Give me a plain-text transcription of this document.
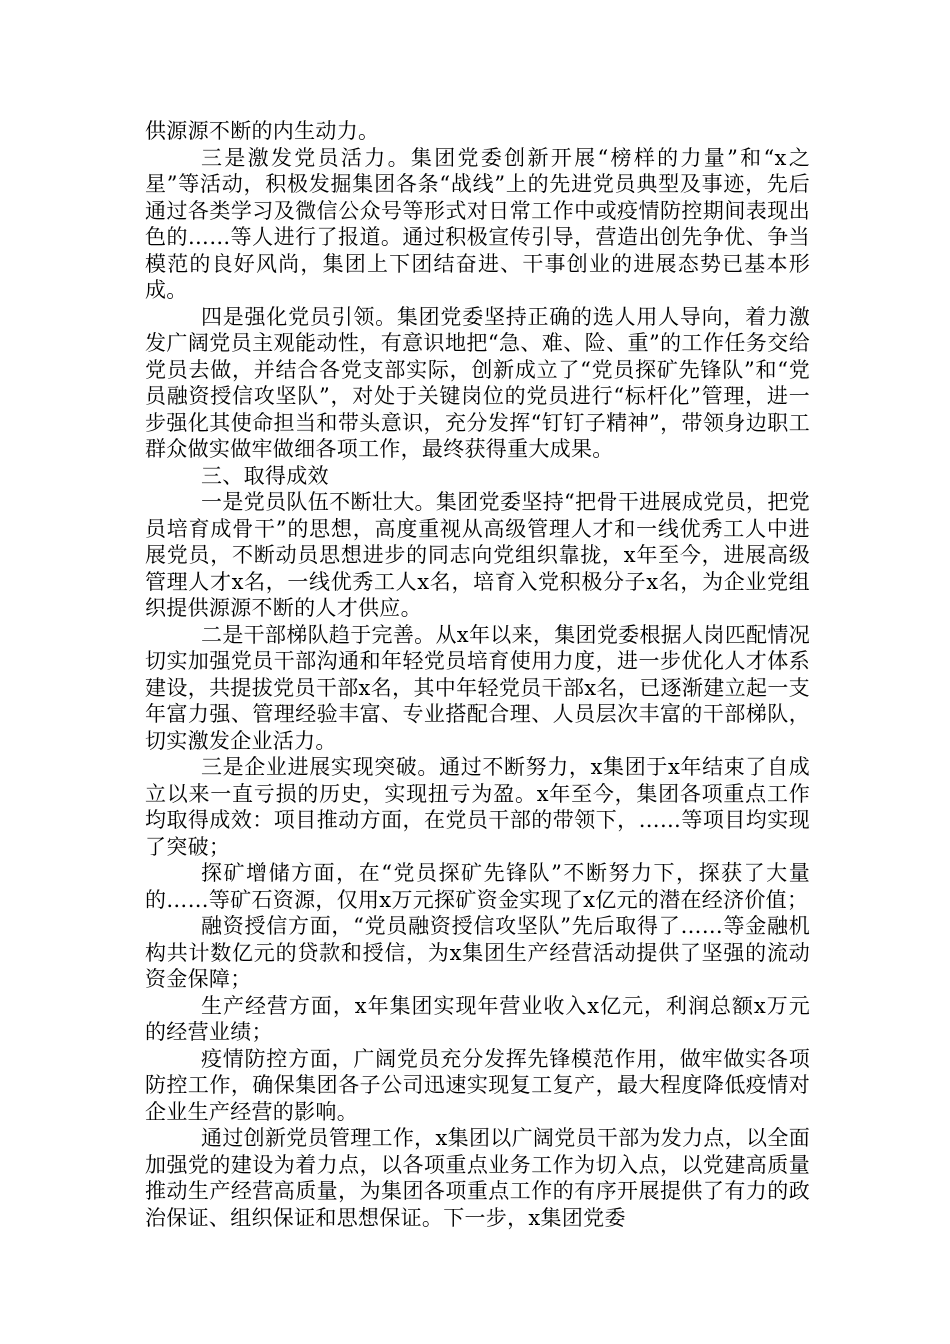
供源源不断的内生动力。

三是激发党员活力。集团党委创新开展“榜样的力量”和“x之星”等活动，积极发掘集团各条“战线”上的先进党员典型及事迹，先后通过各类学习及微信公众号等形式对日常工作中或疫情防控期间表现出色的……等人进行了报道。通过积极宣传引导，营造出创先争优、争当模范的良好风尚，集团上下团结奋进、干事创业的进展态势已基本形成。

四是强化党员引领。集团党委坚持正确的选人用人导向，着力激发广阔党员主观能动性，有意识地把“急、难、险、重”的工作任务交给党员去做，并结合各党支部实际，创新成立了“党员探矿先锋队”和“党员融资授信攻坚队”，对处于关键岗位的党员进行“标杆化”管理，进一步强化其使命担当和带头意识，充分发挥“钉钉子精神”，带领身边职工群众做实做牢做细各项工作，最终获得重大成果。

三、取得成效

一是党员队伍不断壮大。集团党委坚持“把骨干进展成党员，把党员培育成骨干”的思想，高度重视从高级管理人才和一线优秀工人中进展党员，不断动员思想进步的同志向党组织靠拢，x年至今，进展高级管理人才x名，一线优秀工人x名，培育入党积极分子x名，为企业党组织提供源源不断的人才供应。

二是干部梯队趋于完善。从x年以来，集团党委根据人岗匹配情况切实加强党员干部沟通和年轻党员培育使用力度，进一步优化人才体系建设，共提拔党员干部x名，其中年轻党员干部x名，已逐渐建立起一支年富力强、管理经验丰富、专业搭配合理、人员层次丰富的干部梯队，切实激发企业活力。

三是企业进展实现突破。通过不断努力，x集团于x年结束了自成立以来一直亏损的历史，实现扭亏为盈。x年至今，集团各项重点工作均取得成效：项目推动方面，在党员干部的带领下，……等项目均实现了突破；

探矿增储方面，在“党员探矿先锋队”不断努力下，探获了大量的……等矿石资源，仅用x万元探矿资金实现了x亿元的潜在经济价值；

融资授信方面，“党员融资授信攻坚队”先后取得了……等金融机构共计数亿元的贷款和授信，为x集团生产经营活动提供了坚强的流动资金保障；

生产经营方面，x年集团实现年营业收入x亿元，利润总额x万元的经营业绩；

疫情防控方面，广阔党员充分发挥先锋模范作用，做牢做实各项防控工作，确保集团各子公司迅速实现复工复产，最大程度降低疫情对企业生产经营的影响。

通过创新党员管理工作，x集团以广阔党员干部为发力点，以全面加强党的建设为着力点，以各项重点业务工作为切入点，以党建高质量推动生产经营高质量，为集团各项重点工作的有序开展提供了有力的政治保证、组织保证和思想保证。下一步，x集团党委
